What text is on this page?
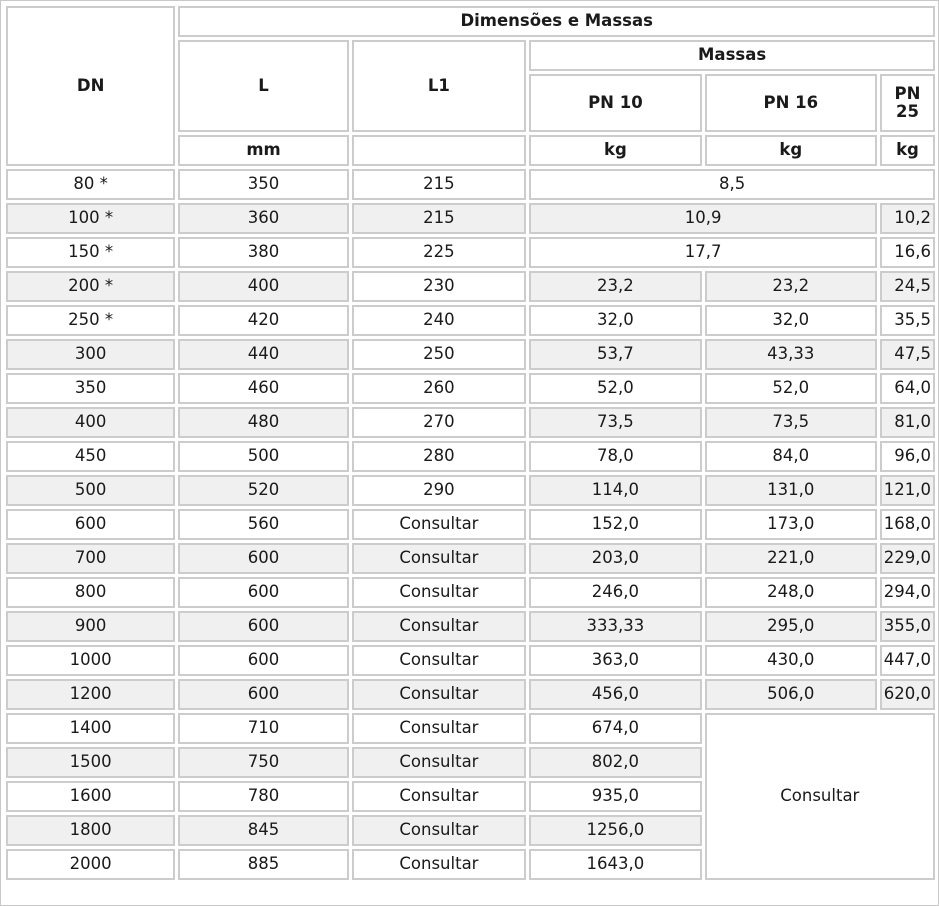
DN	Dimensões e Massas				
	L	L1	Massas		
			PN 10	PN 16	PN
25
	mm		kg	kg	kg
80 *	350	215	8,5		
100 *	360	215	10,9		10,2
150 *	380	225	17,7		16,6
200 *	400	230	23,2	23,2	24,5
250 *	420	240	32,0	32,0	35,5
300	440	250	53,7	43,33	47,5
350	460	260	52,0	52,0	64,0
400	480	270	73,5	73,5	81,0
450	500	280	78,0	84,0	96,0
500	520	290	114,0	131,0	121,0
600	560	Consultar	152,0	173,0	168,0
700	600	Consultar	203,0	221,0	229,0
800	600	Consultar	246,0	248,0	294,0
900	600	Consultar	333,33	295,0	355,0
1000	600	Consultar	363,0	430,0	447,0
1200	600	Consultar	456,0	506,0	620,0
1400	710	Consultar	674,0	Consultar	
1500	750	Consultar	802,0		
1600	780	Consultar	935,0		
1800	845	Consultar	1256,0		
2000	885	Consultar	1643,0		
